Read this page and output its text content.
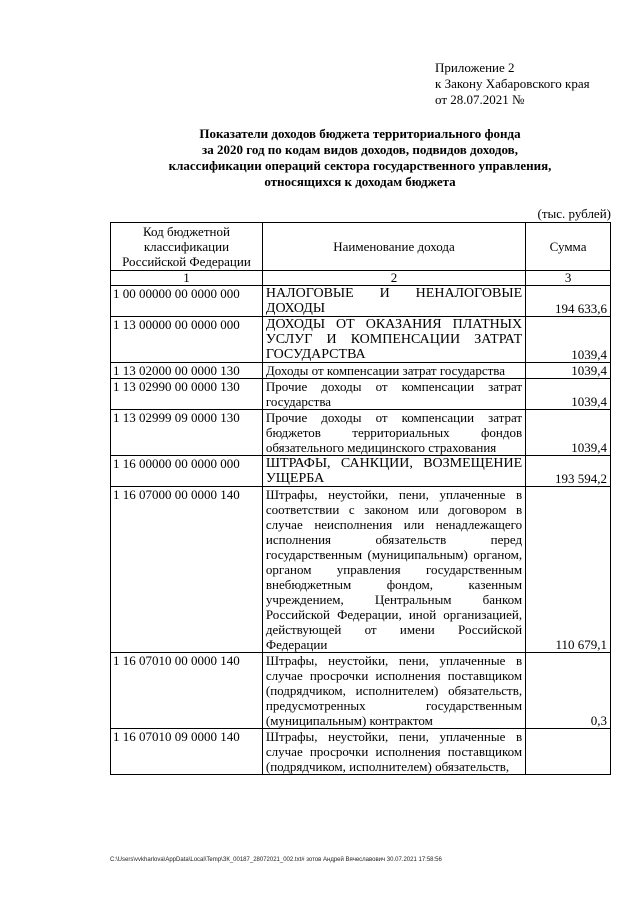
Приложение 2
к Закону Хабаровского края
от 28.07.2021 №
Показатели доходов бюджета территориального фонда
за 2020 год по кодам видов доходов, подвидов доходов,
классификации операций сектора государственного управления,
относящихся к доходам бюджета
(тыс. рублей)
Код бюджетной классификации Российской Федерации	Наименование дохода	Сумма
1	2	3
1 00 00000 00 0000 000	НАЛОГОВЫЕ И НЕНАЛОГОВЫЕ ДОХОДЫ	194 633,6
1 13 00000 00 0000 000	ДОХОДЫ ОТ ОКАЗАНИЯ ПЛАТНЫХ УСЛУГ И КОМПЕНСАЦИИ ЗАТРАТ ГОСУДАРСТВА	1039,4
1 13 02000 00 0000 130	Доходы от компенсации затрат государства	1039,4
1 13 02990 00 0000 130	Прочие доходы от компенсации затрат государства	1039,4
1 13 02999 09 0000 130	Прочие доходы от компенсации затрат бюджетов территориальных фондов обязательного медицинского страхования	1039,4
1 16 00000 00 0000 000	ШТРАФЫ, САНКЦИИ, ВОЗМЕЩЕНИЕ УЩЕРБА	193 594,2
1 16 07000 00 0000 140	Штрафы, неустойки, пени, уплаченные в соответствии с законом или договором в случае неисполнения или ненадлежащего исполнения обязательств перед государственным (муниципальным) органом, органом управления государственным внебюджетным фондом, казенным учреждением, Центральным банком Российской Федерации, иной организацией, действующей от имени Российской Федерации	110 679,1
1 16 07010 00 0000 140	Штрафы, неустойки, пени, уплаченные в случае просрочки исполнения поставщиком (подрядчиком, исполнителем) обязательств, предусмотренных государственным (муниципальным) контрактом	0,3
1 16 07010 09 0000 140	Штрафы, неустойки, пени, уплаченные в случае просрочки исполнения поставщиком (подрядчиком, исполнителем) обязательств,	
C:\Users\vvkharlova\AppData\Local\Temp\ЗК_00187_28072021_002.txt# зотов Андрей Вячеславович 30.07.2021 17:58:56
